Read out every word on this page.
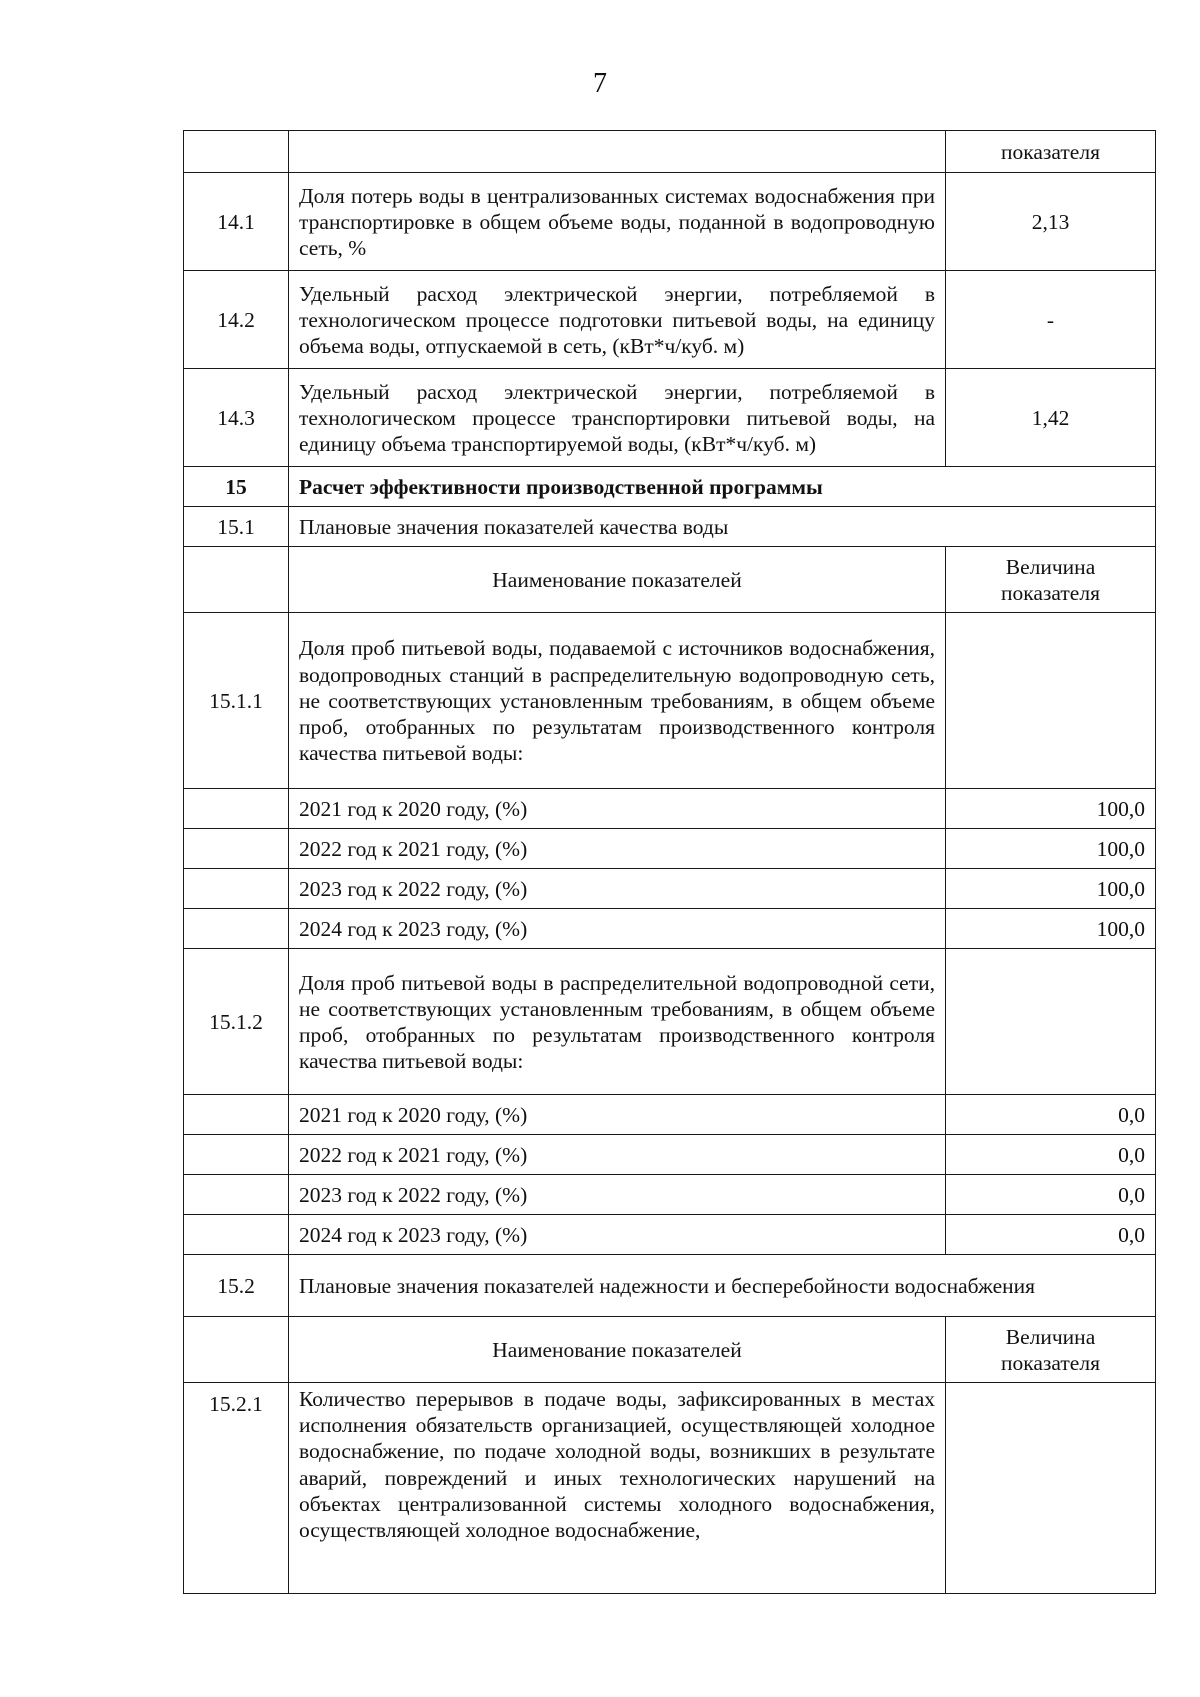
7
		показателя
14.1	Доля потерь воды в централизованных системах водоснабжения при транспортировке в общем объеме воды, поданной в водопроводную сеть, %	2,13
14.2	Удельный расход электрической энергии, потребляемой в технологическом процессе подготовки питьевой воды, на единицу объема воды, отпускаемой в сеть, (кВт*ч/куб. м)	-
14.3	Удельный расход электрической энергии, потребляемой в технологическом процессе транспортировки питьевой воды, на единицу объема транспортируемой воды, (кВт*ч/куб. м)	1,42
15	Расчет эффективности производственной программы	
15.1	Плановые значения показателей качества воды	
	Наименование показателей	Величина показателя
15.1.1	Доля проб питьевой воды, подаваемой с источников водоснабжения, водопроводных станций в распределительную водопроводную сеть, не соответствующих установленным требованиям, в общем объеме проб, отобранных по результатам производственного контроля качества питьевой воды:	
	2021 год к 2020 году, (%)	100,0
	2022 год к 2021 году, (%)	100,0
	2023 год к 2022 году, (%)	100,0
	2024 год к 2023 году, (%)	100,0
15.1.2	Доля проб питьевой воды в распределительной водопроводной сети, не соответствующих установленным требованиям, в общем объеме проб, отобранных по результатам производственного контроля качества питьевой воды:	
	2021 год к 2020 году, (%)	0,0
	2022 год к 2021 году, (%)	0,0
	2023 год к 2022 году, (%)	0,0
	2024 год к 2023 году, (%)	0,0
15.2	Плановые значения показателей надежности и бесперебойности водоснабжения	
	Наименование показателей	Величина показателя
15.2.1	Количество перерывов в подаче воды, зафиксированных в местах исполнения обязательств организацией, осуществляющей холодное водоснабжение, по подаче холодной воды, возникших в результате аварий, повреждений и иных технологических нарушений на объектах централизованной системы холодного водоснабжения, осуществляющей холодное водоснабжение,	
